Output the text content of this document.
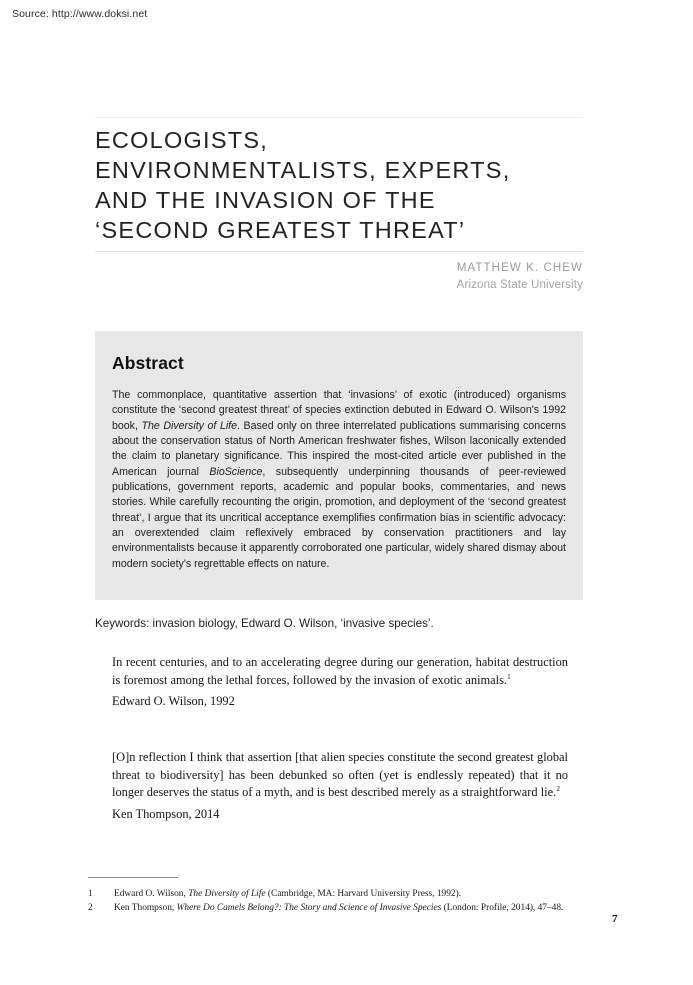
Source: http://www.doksi.net
ECOLOGISTS,
ENVIRONMENTALISTS, EXPERTS,
AND THE INVASION OF THE
‘SECOND GREATEST THREAT’
MATTHEW K. CHEW
Arizona State University
Abstract

The commonplace, quantitative assertion that ‘invasions’ of exotic (introduced) organisms constitute the ‘second greatest threat’ of species extinction debuted in Edward O. Wilson's 1992 book, The Diversity of Life. Based only on three interrelated publications summarising concerns about the conservation status of North American freshwater fishes, Wilson laconically extended the claim to planetary significance. This inspired the most-cited article ever published in the American journal BioScience, subsequently underpinning thousands of peer-reviewed publications, government reports, academic and popular books, commentaries, and news stories. While carefully recounting the origin, promotion, and deployment of the ‘second greatest threat’, I argue that its uncritical acceptance exemplifies confirmation bias in scientific advocacy: an overextended claim reflexively embraced by conservation practitioners and lay environmentalists because it apparently corroborated one particular, widely shared dismay about modern society's regrettable effects on nature.

Keywords: invasion biology, Edward O. Wilson, ‘invasive species’.

In recent centuries, and to an accelerating degree during our generation, habitat destruction is foremost among the lethal forces, followed by the invasion of exotic animals.$^1$

Edward O. Wilson, 1992

[O]n reflection I think that assertion [that alien species constitute the second greatest global threat to biodiversity] has been debunked so often (yet is endlessly repeated) that it no longer deserves the status of a myth, and is best described merely as a straightforward lie.$^2$

Ken Thompson, 2014
1 Edward O. Wilson, The Diversity of Life (Cambridge, MA: Harvard University Press, 1992).
2 Ken Thompson, Where Do Camels Belong?: The Story and Science of Invasive Species (London: Profile, 2014), 47–48.
7
